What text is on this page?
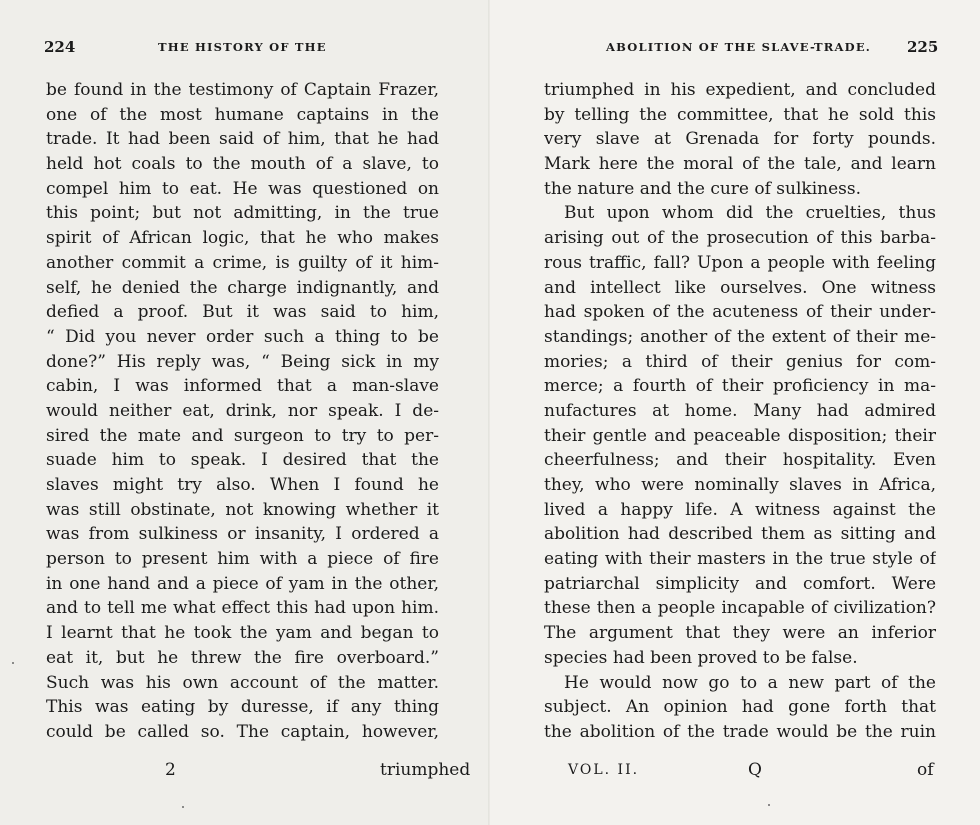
224	THE HISTORY OF THE
be found in the testimony of Captain Frazer,
one of the most humane captains in the
trade. It had been said of him, that he had
held hot coals to the mouth of a slave, to
compel him to eat. He was questioned on
this point; but not admitting, in the true
spirit of African logic, that he who makes
another commit a crime, is guilty of it him-
self, he denied the charge indignantly, and
defied a proof. But it was said to him,
“ Did you never order such a thing to be
done?” His reply was, “ Being sick in my
cabin, I was informed that a man-slave
would neither eat, drink, nor speak. I de-
sired the mate and surgeon to try to per-
suade him to speak. I desired that the
slaves might try also. When I found he
was still obstinate, not knowing whether it
was from sulkiness or insanity, I ordered a
person to present him with a piece of fire
in one hand and a piece of yam in the other,
and to tell me what effect this had upon him.
I learnt that he took the yam and began to
eat it, but he threw the fire overboard.”
Such was his own account of the matter.
This was eating by duresse, if any thing
could be called so. The captain, however,
2	triumphed
ABOLITION OF THE SLAVE-TRADE. 225
triumphed in his expedient, and concluded
by telling the committee, that he sold this
very slave at Grenada for forty pounds.
Mark here the moral of the tale, and learn
the nature and the cure of sulkiness.
But upon whom did the cruelties, thus
arising out of the prosecution of this barba-
rous traffic, fall? Upon a people with feeling
and intellect like ourselves. One witness
had spoken of the acuteness of their under-
standings; another of the extent of their me-
mories; a third of their genius for com-
merce; a fourth of their proficiency in ma-
nufactures at home. Many had admired
their gentle and peaceable disposition; their
cheerfulness; and their hospitality. Even
they, who were nominally slaves in Africa,
lived a happy life. A witness against the
abolition had described them as sitting and
eating with their masters in the true style of
patriarchal simplicity and comfort. Were
these then a people incapable of civilization?
The argument that they were an inferior
species had been proved to be false.
He would now go to a new part of the
subject. An opinion had gone forth that
the abolition of the trade would be the ruin
VOL. II.	Q	of
